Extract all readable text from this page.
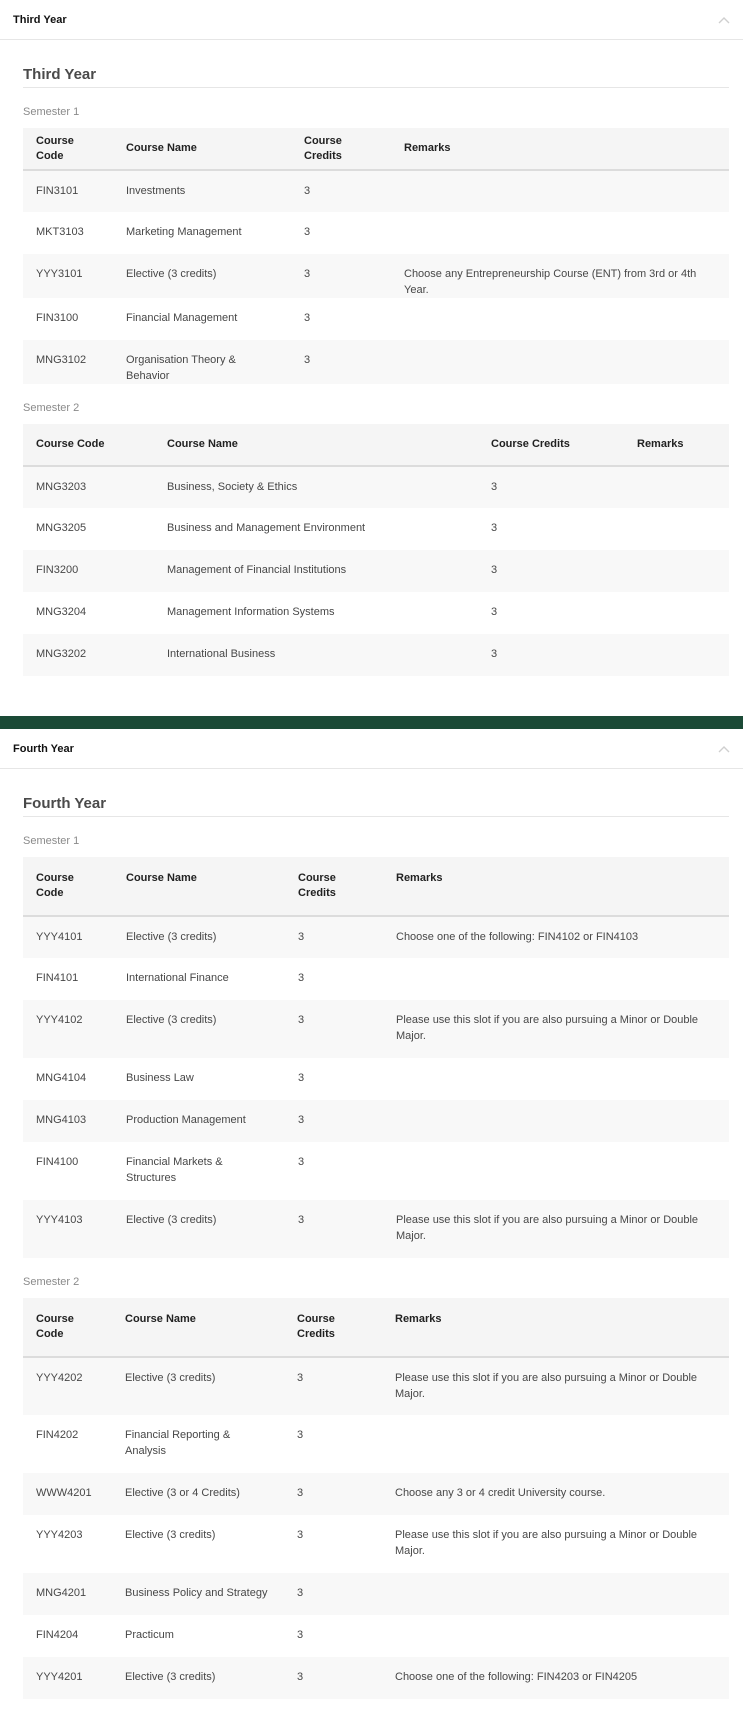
Third Year
Third Year
Semester 1
Course Code	Course Name	Course Credits	Remarks

FIN3101	Investments	3	

MKT3103	Marketing Management	3	

YYY3101	Elective (3 credits)	3	Choose any Entrepreneurship Course (ENT) from 3rd or 4th Year.

FIN3100	Financial Management	3	

MNG3102	Organisation Theory & Behavior	3	

Semester 2
Course Code	Course Name	Course Credits	Remarks

MNG3203	Business, Society & Ethics	3	

MNG3205	Business and Management Environment	3	

FIN3200	Management of Financial Institutions	3	

MNG3204	Management Information Systems	3	

MNG3202	International Business	3	

Fourth Year
Fourth Year
Semester 1
Course Code	Course Name	Course Credits	Remarks

YYY4101	Elective (3 credits)	3	Choose one of the following: FIN4102 or FIN4103

FIN4101	International Finance	3	

YYY4102	Elective (3 credits)	3	Please use this slot if you are also pursuing a Minor or Double Major.

MNG4104	Business Law	3	

MNG4103	Production Management	3	

FIN4100	Financial Markets & Structures	3	

YYY4103	Elective (3 credits)	3	Please use this slot if you are also pursuing a Minor or Double Major.
Semester 2
Course Code	Course Name	Course Credits	Remarks

YYY4202	Elective (3 credits)	3	Please use this slot if you are also pursuing a Minor or Double Major.

FIN4202	Financial Reporting & Analysis	3	

WWW4201	Elective (3 or 4 Credits)	3	Choose any 3 or 4 credit University course.

YYY4203	Elective (3 credits)	3	Please use this slot if you are also pursuing a Minor or Double Major.

MNG4201	Business Policy and Strategy	3	

FIN4204	Practicum	3	

YYY4201	Elective (3 credits)	3	Choose one of the following: FIN4203 or FIN4205
